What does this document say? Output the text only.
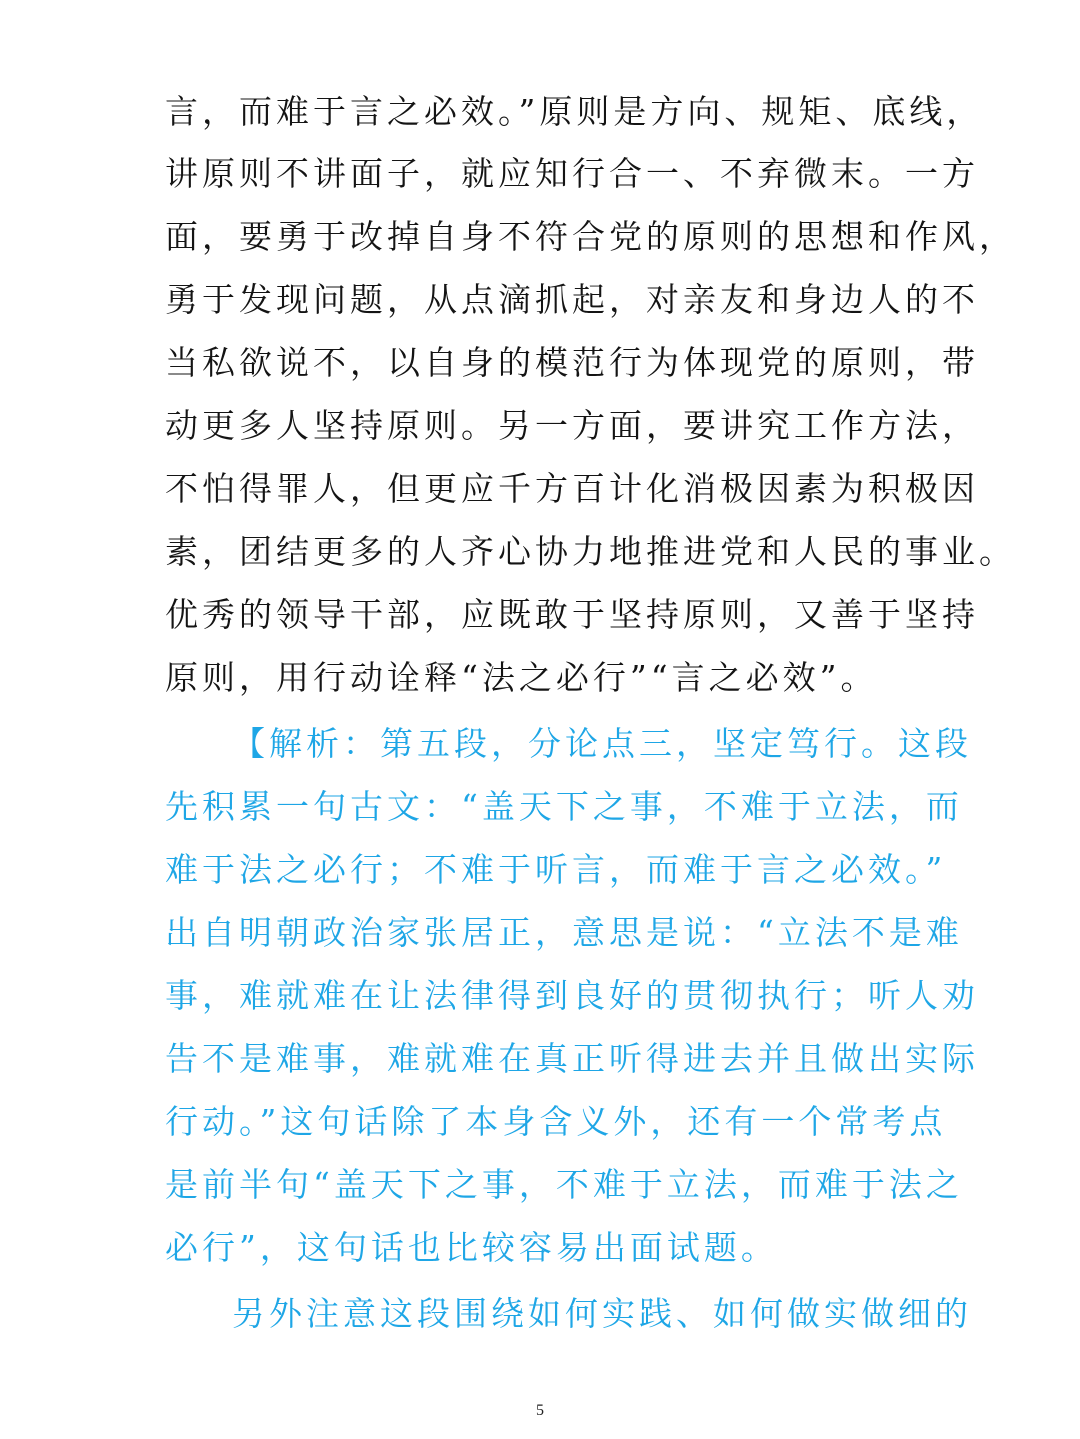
言，而难于言之必效。”原则是方向、规矩、底线，
讲原则不讲面子，就应知行合一、不弃微末。一方
面，要勇于改掉自身不符合党的原则的思想和作风，
勇于发现问题，从点滴抓起，对亲友和身边人的不
当私欲说不，以自身的模范行为体现党的原则，带
动更多人坚持原则。另一方面，要讲究工作方法，
不怕得罪人，但更应千方百计化消极因素为积极因
素，团结更多的人齐心协力地推进党和人民的事业。
优秀的领导干部，应既敢于坚持原则，又善于坚持
原则，用行动诠释“法之必行”“言之必效”。
【解析：第五段，分论点三，坚定笃行。这段
先积累一句古文：“盖天下之事，不难于立法，而
难于法之必行；不难于听言，而难于言之必效。”
出自明朝政治家张居正，意思是说：“立法不是难
事，难就难在让法律得到良好的贯彻执行；听人劝
告不是难事，难就难在真正听得进去并且做出实际
行动。”这句话除了本身含义外，还有一个常考点
是前半句“盖天下之事，不难于立法，而难于法之
必行”，这句话也比较容易出面试题。
另外注意这段围绕如何实践、如何做实做细的
5
